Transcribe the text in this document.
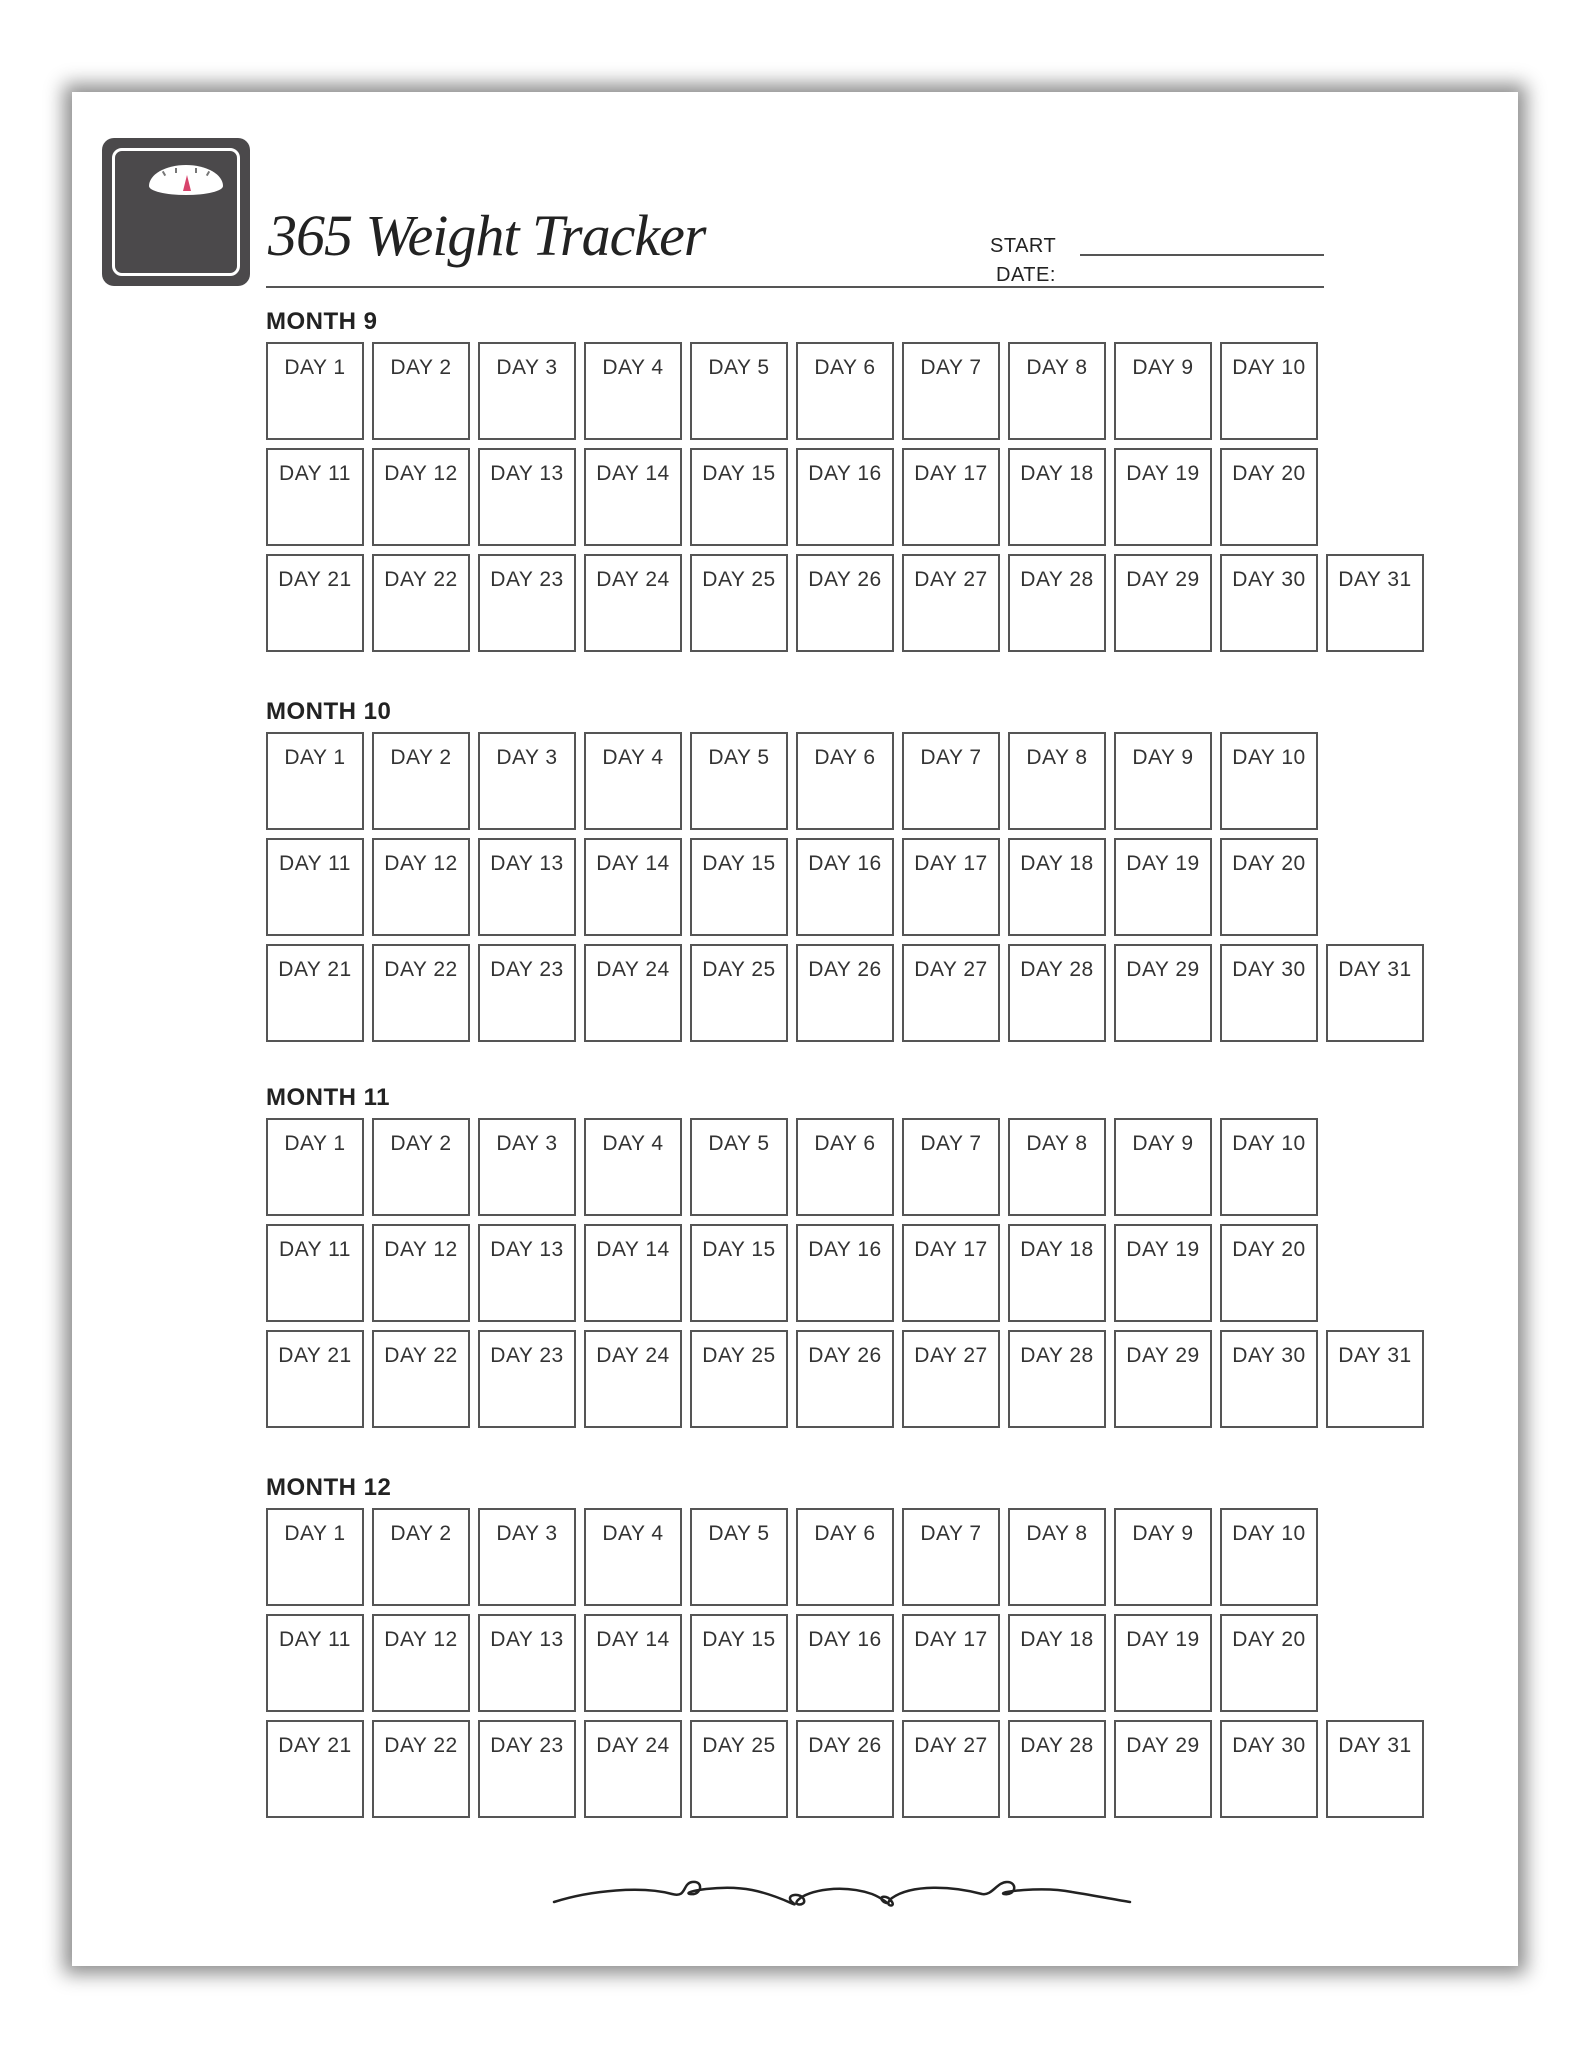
365 Weight Tracker	START
DATE:
MONTH 9
DAY 1	DAY 2	DAY 3	DAY 4	DAY 5	DAY 6	DAY 7	DAY 8	DAY 9	DAY 10
DAY 11	DAY 12	DAY 13	DAY 14	DAY 15	DAY 16	DAY 17	DAY 18	DAY 19	DAY 20
DAY 21	DAY 22	DAY 23	DAY 24	DAY 25	DAY 26	DAY 27	DAY 28	DAY 29	DAY 30	DAY 31
MONTH 10
DAY 1	DAY 2	DAY 3	DAY 4	DAY 5	DAY 6	DAY 7	DAY 8	DAY 9	DAY 10
DAY 11	DAY 12	DAY 13	DAY 14	DAY 15	DAY 16	DAY 17	DAY 18	DAY 19	DAY 20
DAY 21	DAY 22	DAY 23	DAY 24	DAY 25	DAY 26	DAY 27	DAY 28	DAY 29	DAY 30	DAY 31
MONTH 11
DAY 1	DAY 2	DAY 3	DAY 4	DAY 5	DAY 6	DAY 7	DAY 8	DAY 9	DAY 10
DAY 11	DAY 12	DAY 13	DAY 14	DAY 15	DAY 16	DAY 17	DAY 18	DAY 19	DAY 20
DAY 21	DAY 22	DAY 23	DAY 24	DAY 25	DAY 26	DAY 27	DAY 28	DAY 29	DAY 30	DAY 31
MONTH 12
DAY 1	DAY 2	DAY 3	DAY 4	DAY 5	DAY 6	DAY 7	DAY 8	DAY 9	DAY 10
DAY 11	DAY 12	DAY 13	DAY 14	DAY 15	DAY 16	DAY 17	DAY 18	DAY 19	DAY 20
DAY 21	DAY 22	DAY 23	DAY 24	DAY 25	DAY 26	DAY 27	DAY 28	DAY 29	DAY 30	DAY 31
